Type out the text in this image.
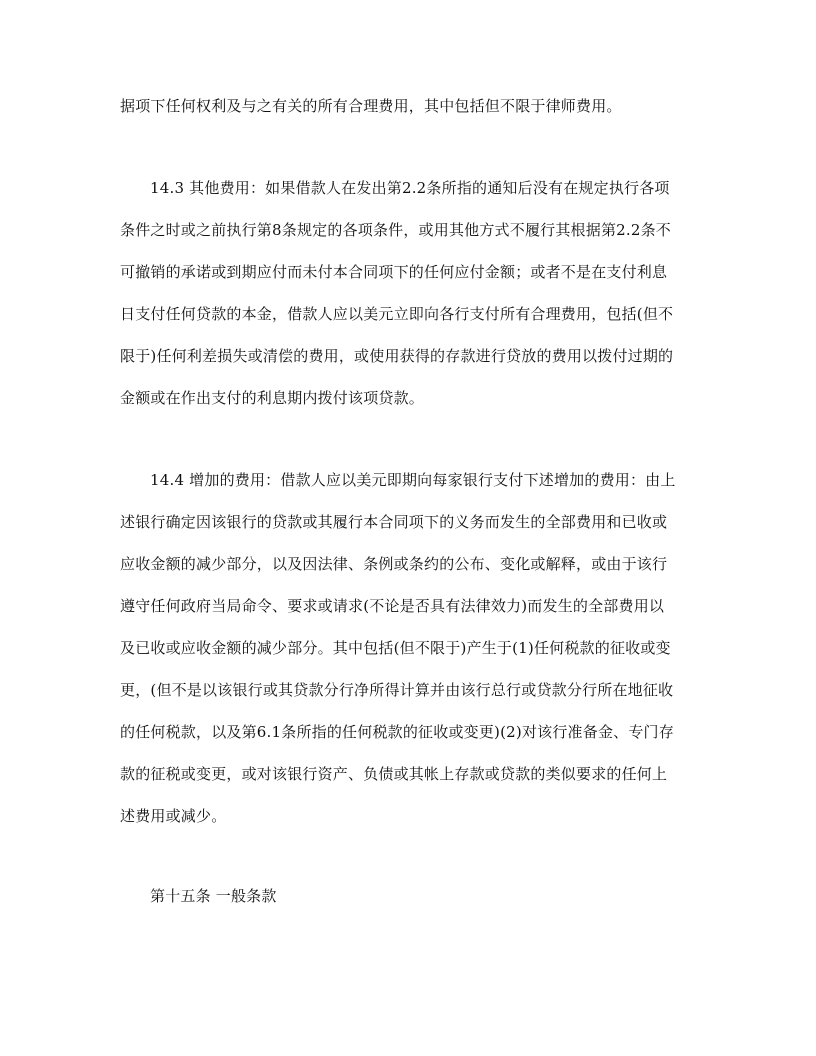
据项下任何权利及与之有关的所有合理费用，其中包括但不限于律师费用。
14.3 其他费用：如果借款人在发出第2.2条所指的通知后没有在规定执行各项
条件之时或之前执行第8条规定的各项条件，或用其他方式不履行其根据第2.2条不
可撤销的承诺或到期应付而未付本合同项下的任何应付金额；或者不是在支付利息
日支付任何贷款的本金，借款人应以美元立即向各行支付所有合理费用，包括(但不
限于)任何利差损失或清偿的费用，或使用获得的存款进行贷放的费用以拨付过期的
金额或在作出支付的利息期内拨付该项贷款。
14.4 增加的费用：借款人应以美元即期向每家银行支付下述增加的费用：由上
述银行确定因该银行的贷款或其履行本合同项下的义务而发生的全部费用和已收或
应收金额的减少部分，以及因法律、条例或条约的公布、变化或解释，或由于该行
遵守任何政府当局命令、要求或请求(不论是否具有法律效力)而发生的全部费用以
及已收或应收金额的减少部分。其中包括(但不限于)产生于(1)任何税款的征收或变
更，(但不是以该银行或其贷款分行净所得计算并由该行总行或贷款分行所在地征收
的任何税款，以及第6.1条所指的任何税款的征收或变更)(2)对该行准备金、专门存
款的征税或变更，或对该银行资产、负债或其帐上存款或贷款的类似要求的任何上
述费用或减少。
第十五条 一般条款
